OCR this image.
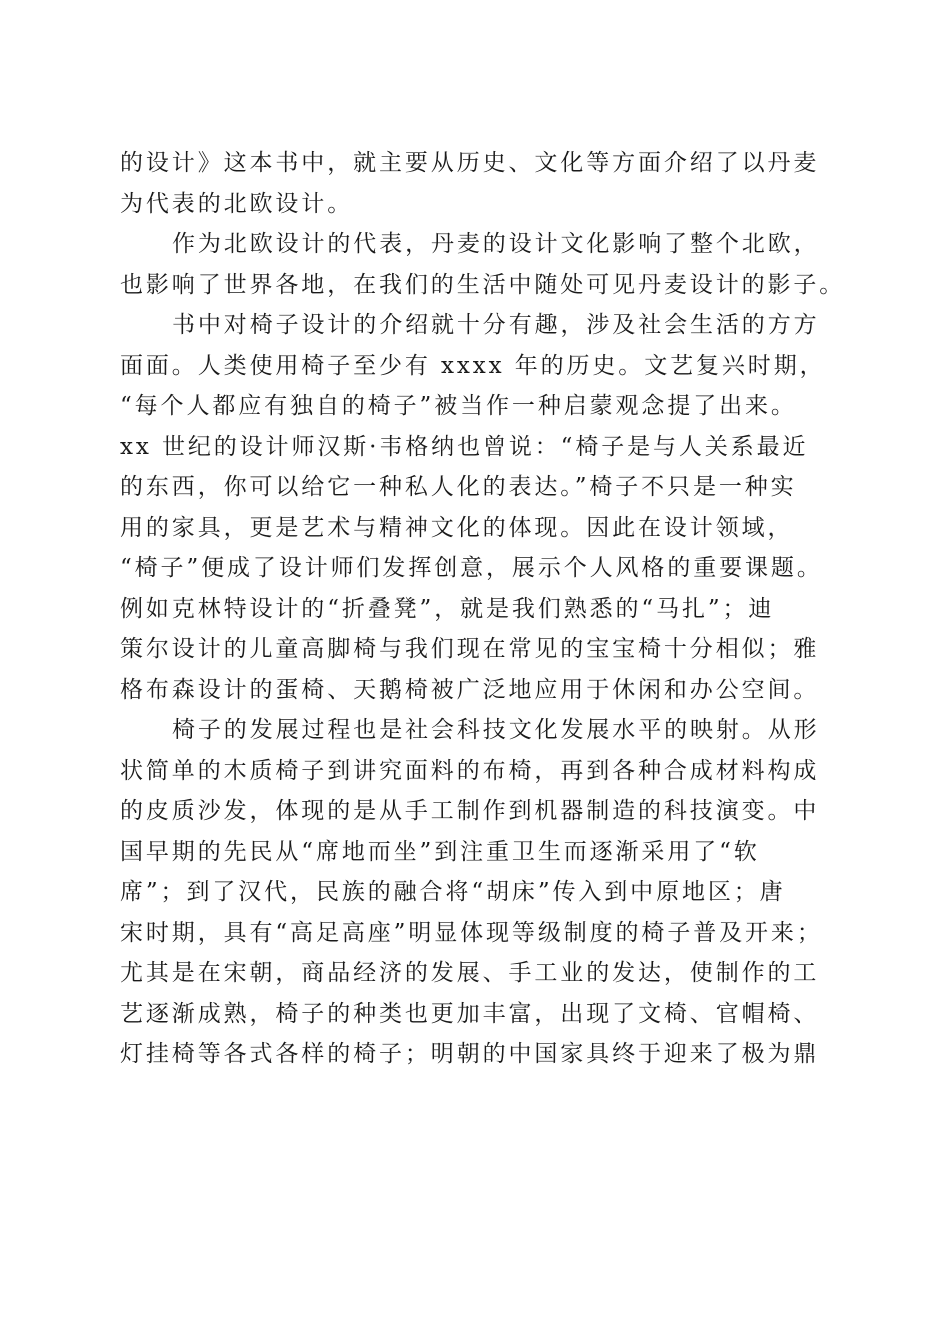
的设计》这本书中，就主要从历史、文化等方面介绍了以丹麦
为代表的北欧设计。
作为北欧设计的代表，丹麦的设计文化影响了整个北欧，
也影响了世界各地，在我们的生活中随处可见丹麦设计的影子。
书中对椅子设计的介绍就十分有趣，涉及社会生活的方方
面面。人类使用椅子至少有 xxxx 年的历史。文艺复兴时期，
“每个人都应有独自的椅子”被当作一种启蒙观念提了出来。
xx 世纪的设计师汉斯·韦格纳也曾说：“椅子是与人关系最近
的东西，你可以给它一种私人化的表达。”椅子不只是一种实
用的家具，更是艺术与精神文化的体现。因此在设计领域，
“椅子”便成了设计师们发挥创意，展示个人风格的重要课题。
例如克林特设计的“折叠凳”，就是我们熟悉的“马扎”；迪
策尔设计的儿童高脚椅与我们现在常见的宝宝椅十分相似；雅
格布森设计的蛋椅、天鹅椅被广泛地应用于休闲和办公空间。
椅子的发展过程也是社会科技文化发展水平的映射。从形
状简单的木质椅子到讲究面料的布椅，再到各种合成材料构成
的皮质沙发，体现的是从手工制作到机器制造的科技演变。中
国早期的先民从“席地而坐”到注重卫生而逐渐采用了“软
席”；到了汉代，民族的融合将“胡床”传入到中原地区；唐
宋时期，具有“高足高座”明显体现等级制度的椅子普及开来；
尤其是在宋朝，商品经济的发展、手工业的发达，使制作的工
艺逐渐成熟，椅子的种类也更加丰富，出现了文椅、官帽椅、
灯挂椅等各式各样的椅子；明朝的中国家具终于迎来了极为鼎
